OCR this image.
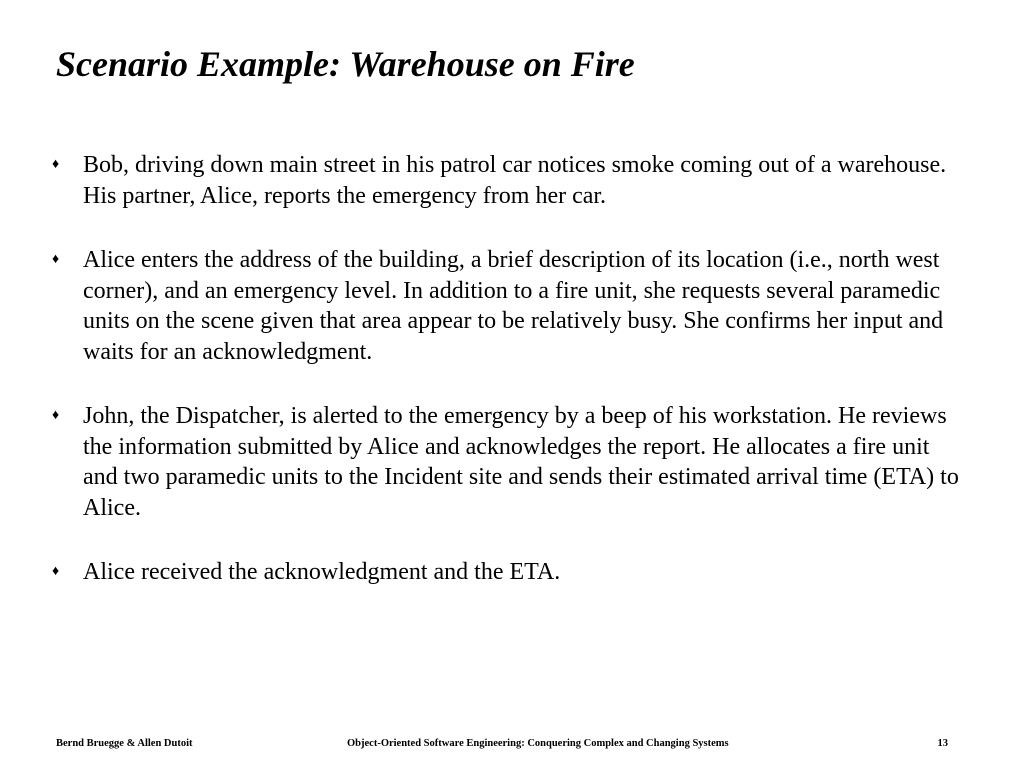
Scenario Example: Warehouse on Fire
♦ Bob, driving down main street in his patrol car notices smoke coming out of a warehouse. His partner, Alice, reports the emergency from her car.
♦ Alice enters the address of the building, a brief description of its location (i.e., north west corner), and an emergency level. In addition to a fire unit, she requests several paramedic units on the scene given that area appear to be relatively busy. She confirms her input and waits for an acknowledgment.
♦ John, the Dispatcher, is alerted to the emergency by a beep of his workstation. He reviews the information submitted by Alice and acknowledges the report. He allocates a fire unit and two paramedic units to the Incident site and sends their estimated arrival time (ETA) to Alice.
♦ Alice received the acknowledgment and the ETA.
Bernd Bruegge & Allen Dutoit	Object-Oriented Software Engineering: Conquering Complex and Changing Systems	13
